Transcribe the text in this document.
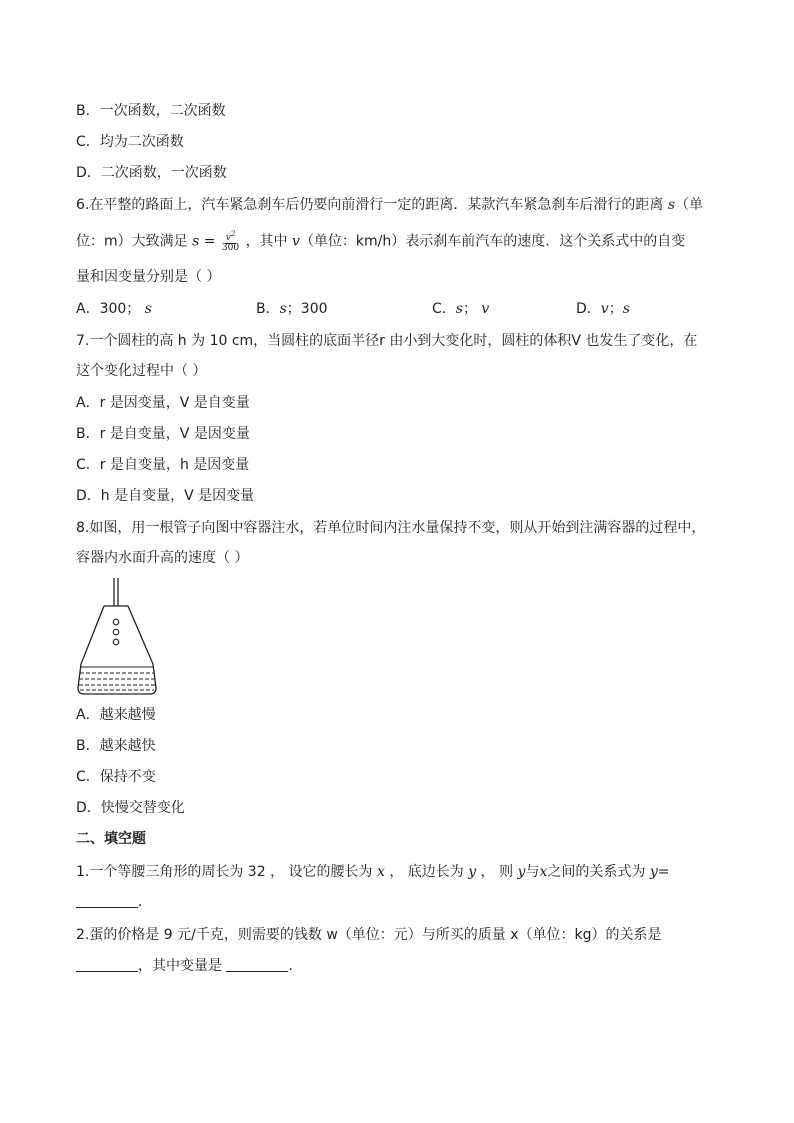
B．一次函数，二次函数
C．均为二次函数
D．二次函数，一次函数
6.在平整的路面上，汽车紧急刹车后仍要向前滑行一定的距离．某款汽车紧急刹车后滑行的距离 s（单
位：m）大致满足 $s = \frac{v^2}{300}$ ，其中 v（单位：km/h）表示刹车前汽车的速度．这个关系式中的自变
量和因变量分别是（ ）
A．300； s	B．s；300	C．s； v	D．v；s
7.一个圆柱的高 h 为 10 cm，当圆柱的底面半径r 由小到大变化时，圆柱的体积V 也发生了变化，在
这个变化过程中（ ）
A．r 是因变量，V 是自变量
B．r 是自变量，V 是因变量
C．r 是自变量，h 是因变量
D．h 是自变量，V 是因变量
8.如图，用一根管子向图中容器注水，若单位时间内注水量保持不变，则从开始到注满容器的过程中，
容器内水面升高的速度（ ）
A．越来越慢
B．越来越快
C．保持不变
D．快慢交替变化
二、填空题
1.一个等腰三角形的周长为 32 ， 设它的腰长为 x ， 底边长为 y ， 则 y与x之间的关系式为 y=
．
2.蛋的价格是 9 元/千克，则需要的钱数 w（单位：元）与所买的质量 x（单位：kg）的关系是
，其中变量是	．
